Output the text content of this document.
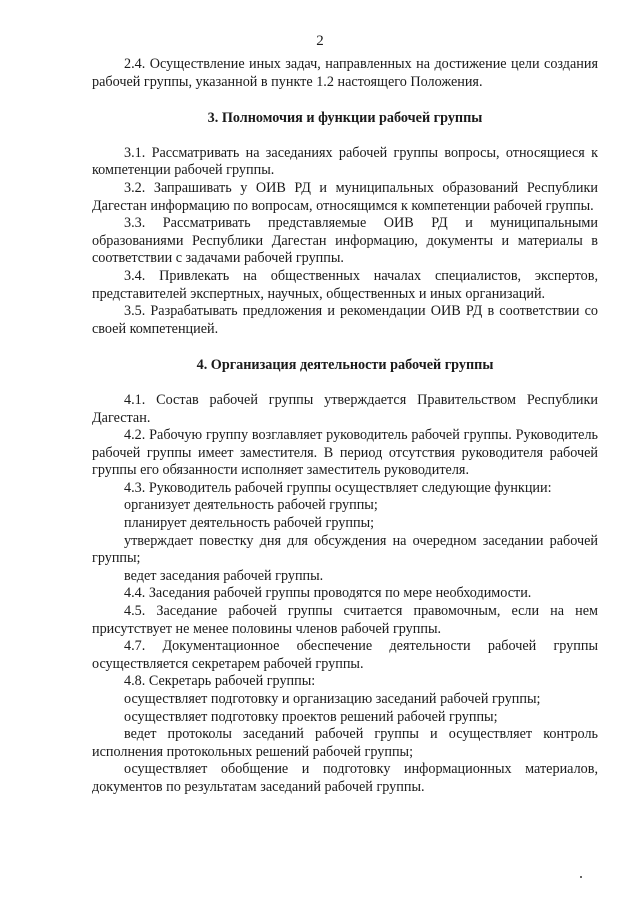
2

2.4. Осуществление иных задач, направленных на достижение цели создания рабочей группы, указанной в пункте 1.2 настоящего Положения.

3. Полномочия и функции рабочей группы

3.1. Рассматривать на заседаниях рабочей группы вопросы, относящиеся к компетенции рабочей группы.

3.2. Запрашивать у ОИВ РД и муниципальных образований Республики Дагестан информацию по вопросам, относящимся к компетенции рабочей группы.

3.3. Рассматривать представляемые ОИВ РД и муниципальными образованиями Республики Дагестан информацию, документы и материалы в соответствии с задачами рабочей группы.

3.4. Привлекать на общественных началах специалистов, экспертов, представителей экспертных, научных, общественных и иных организаций.

3.5. Разрабатывать предложения и рекомендации ОИВ РД в соответствии со своей компетенцией.

4. Организация деятельности рабочей группы

4.1. Состав рабочей группы утверждается Правительством Республики Дагестан.

4.2. Рабочую группу возглавляет руководитель рабочей группы. Руководитель рабочей группы имеет заместителя. В период отсутствия руководителя рабочей группы его обязанности исполняет заместитель руководителя.

4.3. Руководитель рабочей группы осуществляет следующие функции:

организует деятельность рабочей группы;

планирует деятельность рабочей группы;

утверждает повестку дня для обсуждения на очередном заседании рабочей группы;

ведет заседания рабочей группы.

4.4. Заседания рабочей группы проводятся по мере необходимости.

4.5. Заседание рабочей группы считается правомочным, если на нем присутствует не менее половины членов рабочей группы.

4.7. Документационное обеспечение деятельности рабочей группы осуществляется секретарем рабочей группы.

4.8. Секретарь рабочей группы:

осуществляет подготовку и организацию заседаний рабочей группы;

осуществляет подготовку проектов решений рабочей группы;

ведет протоколы заседаний рабочей группы и осуществляет контроль исполнения протокольных решений рабочей группы;

осуществляет обобщение и подготовку информационных материалов, документов по результатам заседаний рабочей группы.
